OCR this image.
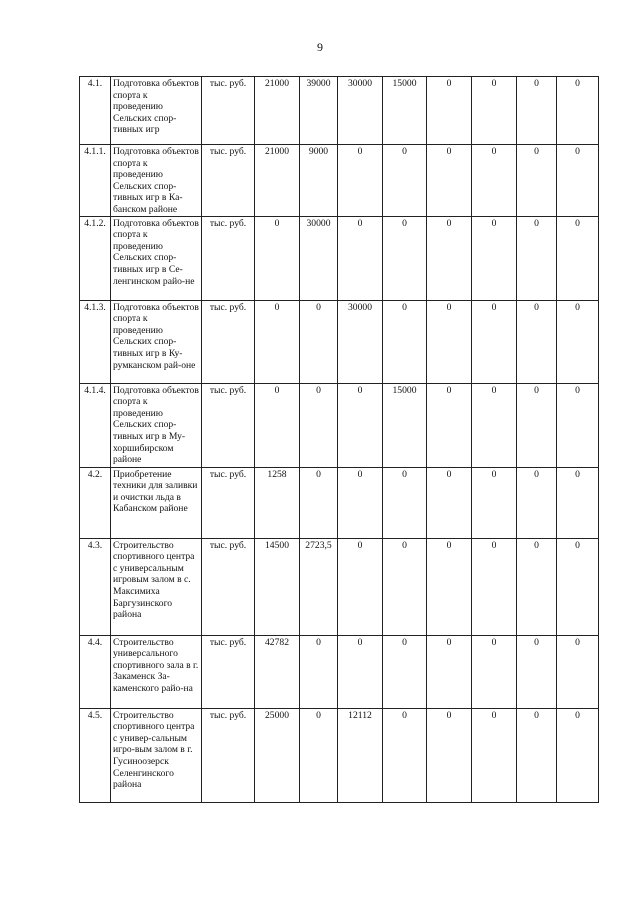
9
4.1.	Подготовка объектов спорта к проведению Сельских спор-тивных игр	тыс. руб.	21000	39000	30000	15000	0	0	0	0
4.1.1.	Подготовка объектов спорта к проведению Сельских спор-тивных игр в Ка-банском районе	тыс. руб.	21000	9000	0	0	0	0	0	0
4.1.2.	Подготовка объектов спорта к проведению Сельских спор-тивных игр в Се-ленгинском райо-не	тыс. руб.	0	30000	0	0	0	0	0	0
4.1.3.	Подготовка объектов спорта к проведению Сельских спор-тивных игр в Ку-румканском рай-оне	тыс. руб.	0	0	30000	0	0	0	0	0
4.1.4.	Подготовка объектов спорта к проведению Сельских спор-тивных игр в Му-хоршибирском районе	тыс. руб.	0	0	0	15000	0	0	0	0
4.2.	Приобретение техники для заливки и очистки льда в Кабанском районе	тыс. руб.	1258	0	0	0	0	0	0	0
4.3.	Строительство спортивного центра с универсальным игровым залом в с. Максимиха Баргузинского района	тыс. руб.	14500	2723,5	0	0	0	0	0	0
4.4.	Строительство универсального спортивного зала в г. Закаменск За-каменского райо-на	тыс. руб.	42782	0	0	0	0	0	0	0
4.5.	Строительство спортивного центра с универ-сальным игро-вым залом в г. Гусиноозерск Селенгинского района	тыс. руб.	25000	0	12112	0	0	0	0	0
